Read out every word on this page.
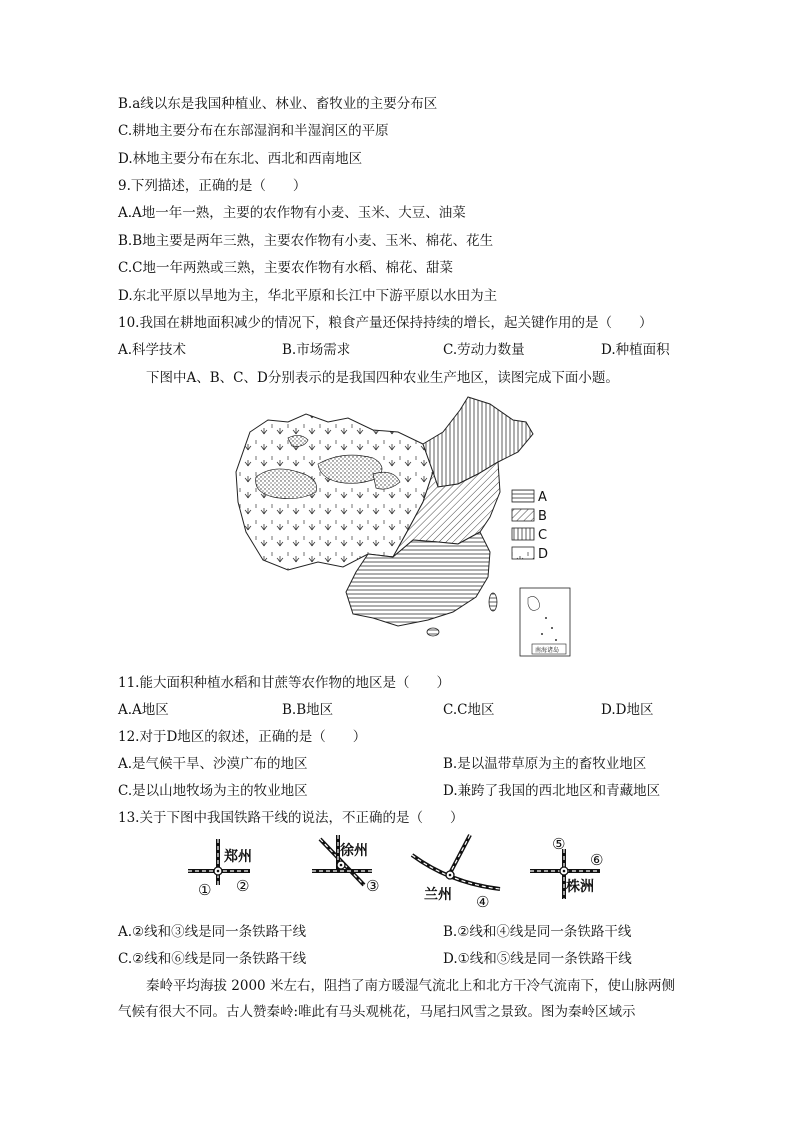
B.a线以东是我国种植业、林业、畜牧业的主要分布区
C.耕地主要分布在东部湿润和半湿润区的平原
D.林地主要分布在东北、西北和西南地区
9.下列描述，正确的是（　　）
A.A地一年一熟，主要的农作物有小麦、玉米、大豆、油菜
B.B地主要是两年三熟，主要农作物有小麦、玉米、棉花、花生
C.C地一年两熟或三熟，主要农作物有水稻、棉花、甜菜
D.东北平原以旱地为主，华北平原和长江中下游平原以水田为主
10.我国在耕地面积减少的情况下，粮食产量还保持持续的增长，起关键作用的是（　　）
A.科学技术	B.市场需求	C.劳动力数量	D.种植面积
下图中A、B、C、D分别表示的是我国四种农业生产地区，读图完成下面小题。
A
B
C
D
南海诸岛
11.能大面积种植水稻和甘蔗等农作物的地区是（　　）
A.A地区	B.B地区	C.C地区	D.D地区
12.对于D地区的叙述，正确的是（　　）
A.是气候干旱、沙漠广布的地区	B.是以温带草原为主的畜牧业地区
C.是以山地牧场为主的牧业地区	D.兼跨了我国的西北地区和青藏地区
13.关于下图中我国铁路干线的说法，不正确的是（　　）
郑州
① ②
徐州
③	兰州 ④
⑤
⑥
株洲
A.②线和③线是同一条铁路干线	B.②线和④线是同一条铁路干线
C.②线和⑥线是同一条铁路干线	D.①线和⑤线是同一条铁路干线
秦岭平均海拔 2000 米左右，阻挡了南方暖湿气流北上和北方干冷气流南下，使山脉两侧气候有很大不同。古人赞秦岭:唯此有马头观桃花，马尾扫风雪之景致。图为秦岭区域示
